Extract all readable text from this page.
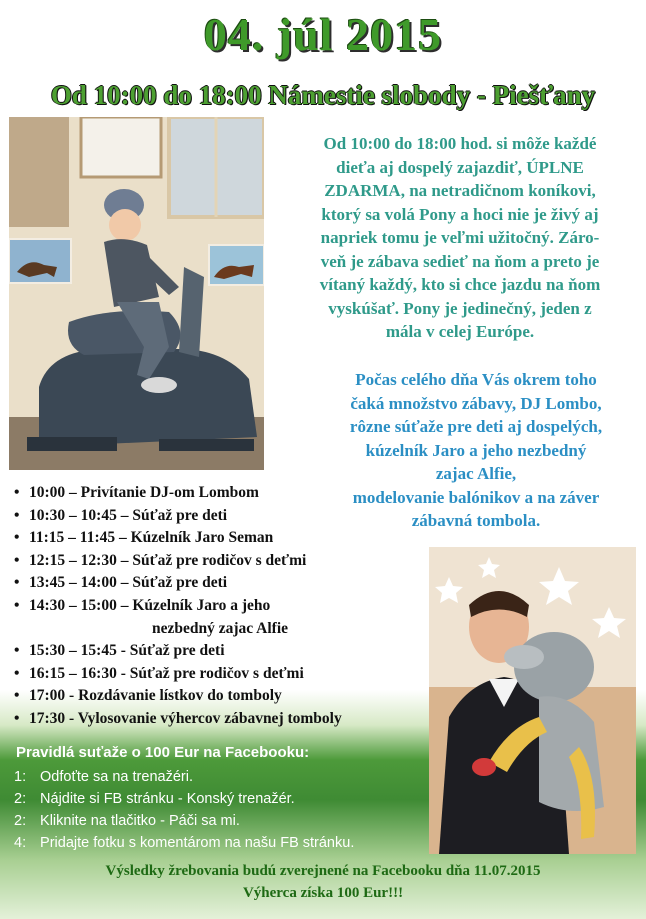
04. júl 2015
Od 10:00 do 18:00 Námestie slobody - Piešťany
Od 10:00 do 18:00 hod. si môže každé
dieťa aj dospelý zajazdiť, ÚPLNE
ZDARMA, na netradičnom koníkovi,
ktorý sa volá Pony a hoci nie je živý aj
napriek tomu je veľmi užitočný. Záro-
veň je zábava sedieť na ňom a preto je
vítaný každý, kto si chce jazdu na ňom
vyskúšať. Pony je jedinečný, jeden z
mála v celej Európe.
Počas celého dňa Vás okrem toho
čaká množstvo zábavy, DJ Lombo,
rôzne súťaže pre deti aj dospelých,
kúzelník Jaro a jeho nezbedný
zajac Alfie,
modelovanie balónikov a na záver
zábavná tombola.
• 10:00 – Privítanie DJ-om Lombom
• 10:30 – 10:45 – Súťaž pre deti
• 11:15 – 11:45 – Kúzelník Jaro Seman
• 12:15 – 12:30 – Súťaž pre rodičov s deťmi
• 13:45 – 14:00 – Súťaž pre deti
• 14:30 – 15:00 – Kúzelník Jaro a jeho
nezbedný zajac Alfie
• 15:30 – 15:45 - Súťaž pre deti
• 16:15 – 16:30 - Súťaž pre rodičov s deťmi
• 17:00 - Rozdávanie lístkov do tomboly
• 17:30 - Vylosovanie výhercov zábavnej tomboly
Pravidlá suťaže o 100 Eur na Facebooku:
1: Odfoťte sa na trenažéri.
2: Nájdite si FB stránku - Konský trenažér.
2: Kliknite na tlačitko - Páči sa mi.
4: Pridajte fotku s komentárom na našu FB stránku.
Výsledky žrebovania budú zverejnené na Facebooku dňa 11.07.2015
Výherca získa 100 Eur!!!
